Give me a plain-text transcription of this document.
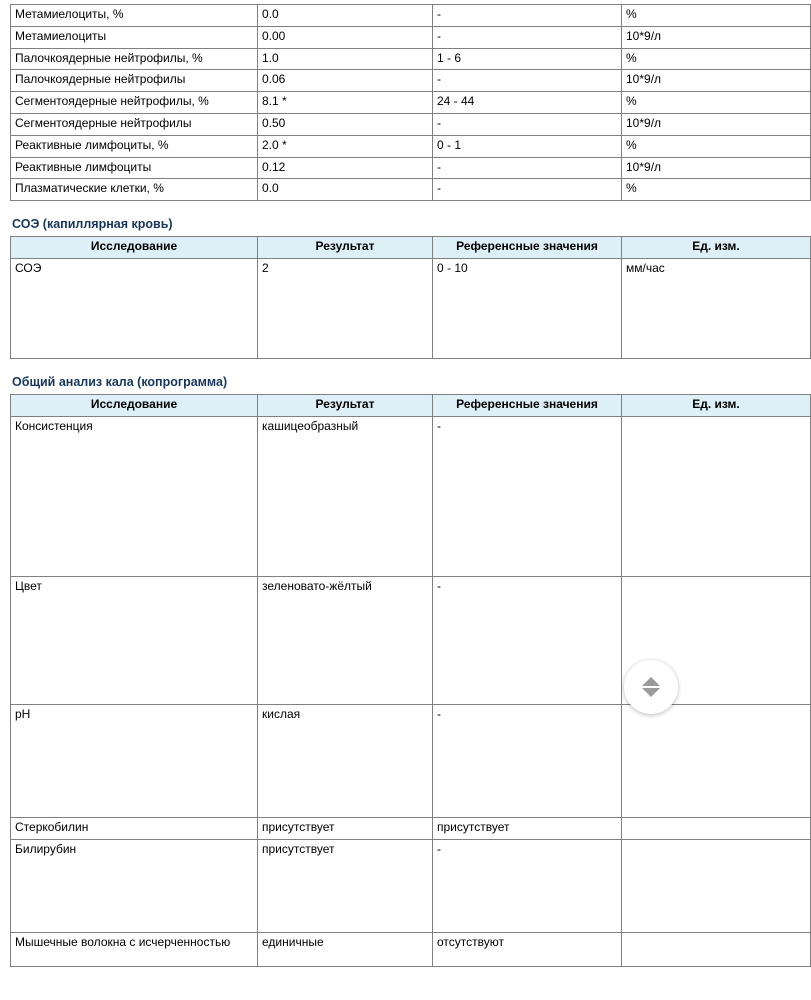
Метамиелоциты, %	0.0	-	%
Метамиелоциты	0.00	-	10*9/л
Палочкоядерные нейтрофилы, %	1.0	1 - 6	%
Палочкоядерные нейтрофилы	0.06	-	10*9/л
Сегментоядерные нейтрофилы, %	8.1 *	24 - 44	%
Сегментоядерные нейтрофилы	0.50	-	10*9/л
Реактивные лимфоциты, %	2.0 *	0 - 1	%
Реактивные лимфоциты	0.12	-	10*9/л
Плазматические клетки, %	0.0	-	%
СОЭ (капиллярная кровь)
Исследование	Результат	Референсные значения	Ед. изм.
СОЭ	2	0 - 10	мм/час
Общий анализ кала (копрограмма)
Исследование	Результат	Референсные значения	Ед. изм.
Консистенция	кашицеобразный	-	
Цвет	зеленовато-жёлтый	-	
pH	кислая	-	
Стеркобилин	присутствует	присутствует	
Билирубин	присутствует	-	
Мышечные волокна с исчерченностью	единичные	отсутствуют	
